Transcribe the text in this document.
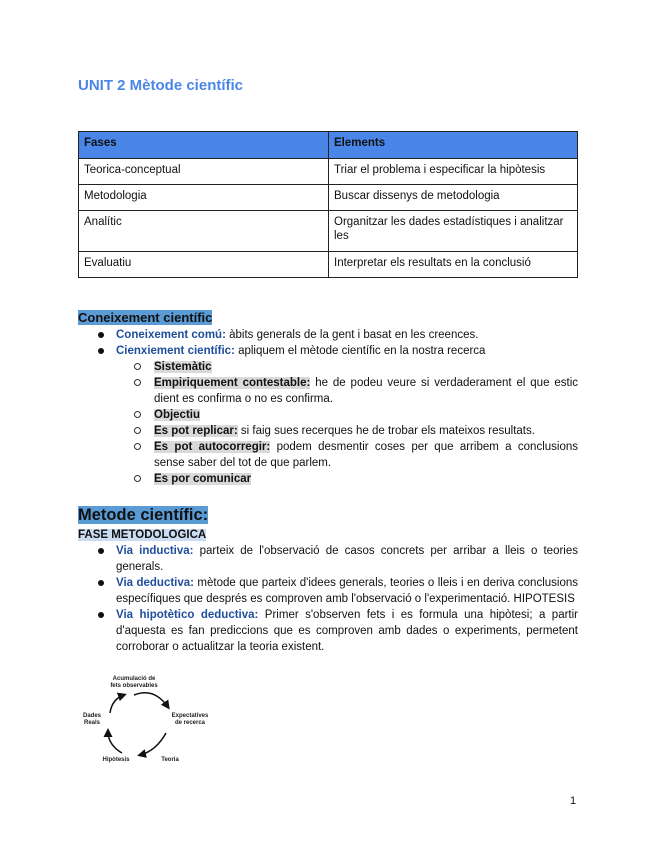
UNIT 2 Mètode científic
Fases	Elements
Teorica-conceptual	Triar el problema i especificar la hipòtesis
Metodologia	Buscar dissenys de metodologia
Analític	Organitzar les dades estadístiques i analitzar les
Evaluatiu	Interpretar els resultats en la conclusió
Coneixement científic
Coneixement comú: àbits generals de la gent i basat en les creences.
Cienxiement científic: apliquem el mètode científic en la nostra recerca
Sistemàtic
Empiriquement contestable: he de podeu veure si verdaderament el que estic dient es confirma o no es confirma.
Objectiu
Es pot replicar: si faig sues recerques he de trobar els mateixos resultats.
Es pot autocorregir: podem desmentir coses per que arribem a conclusions sense saber del tot de que parlem.
Es por comunicar
Metode científic:
FASE METODOLOGICA
Via inductiva: parteix de l'observació de casos concrets per arribar a lleis o teories generals.
Via deductiva: mètode que parteix d'idees generals, teories o lleis i en deriva conclusions específiques que després es comproven amb l'observació o l'experimentació. HIPOTESIS
Via hipotètico deductiva: Primer s'observen fets i es formula una hipòtesi; a partir d'aquesta es fan prediccions que es comproven amb dades o experiments, permetent corroborar o actualitzar la teoria existent.
Acumulació de
fets observables
Expectatives
de recerca
Teoria
Hipòtesis
Dades
Reals
1
